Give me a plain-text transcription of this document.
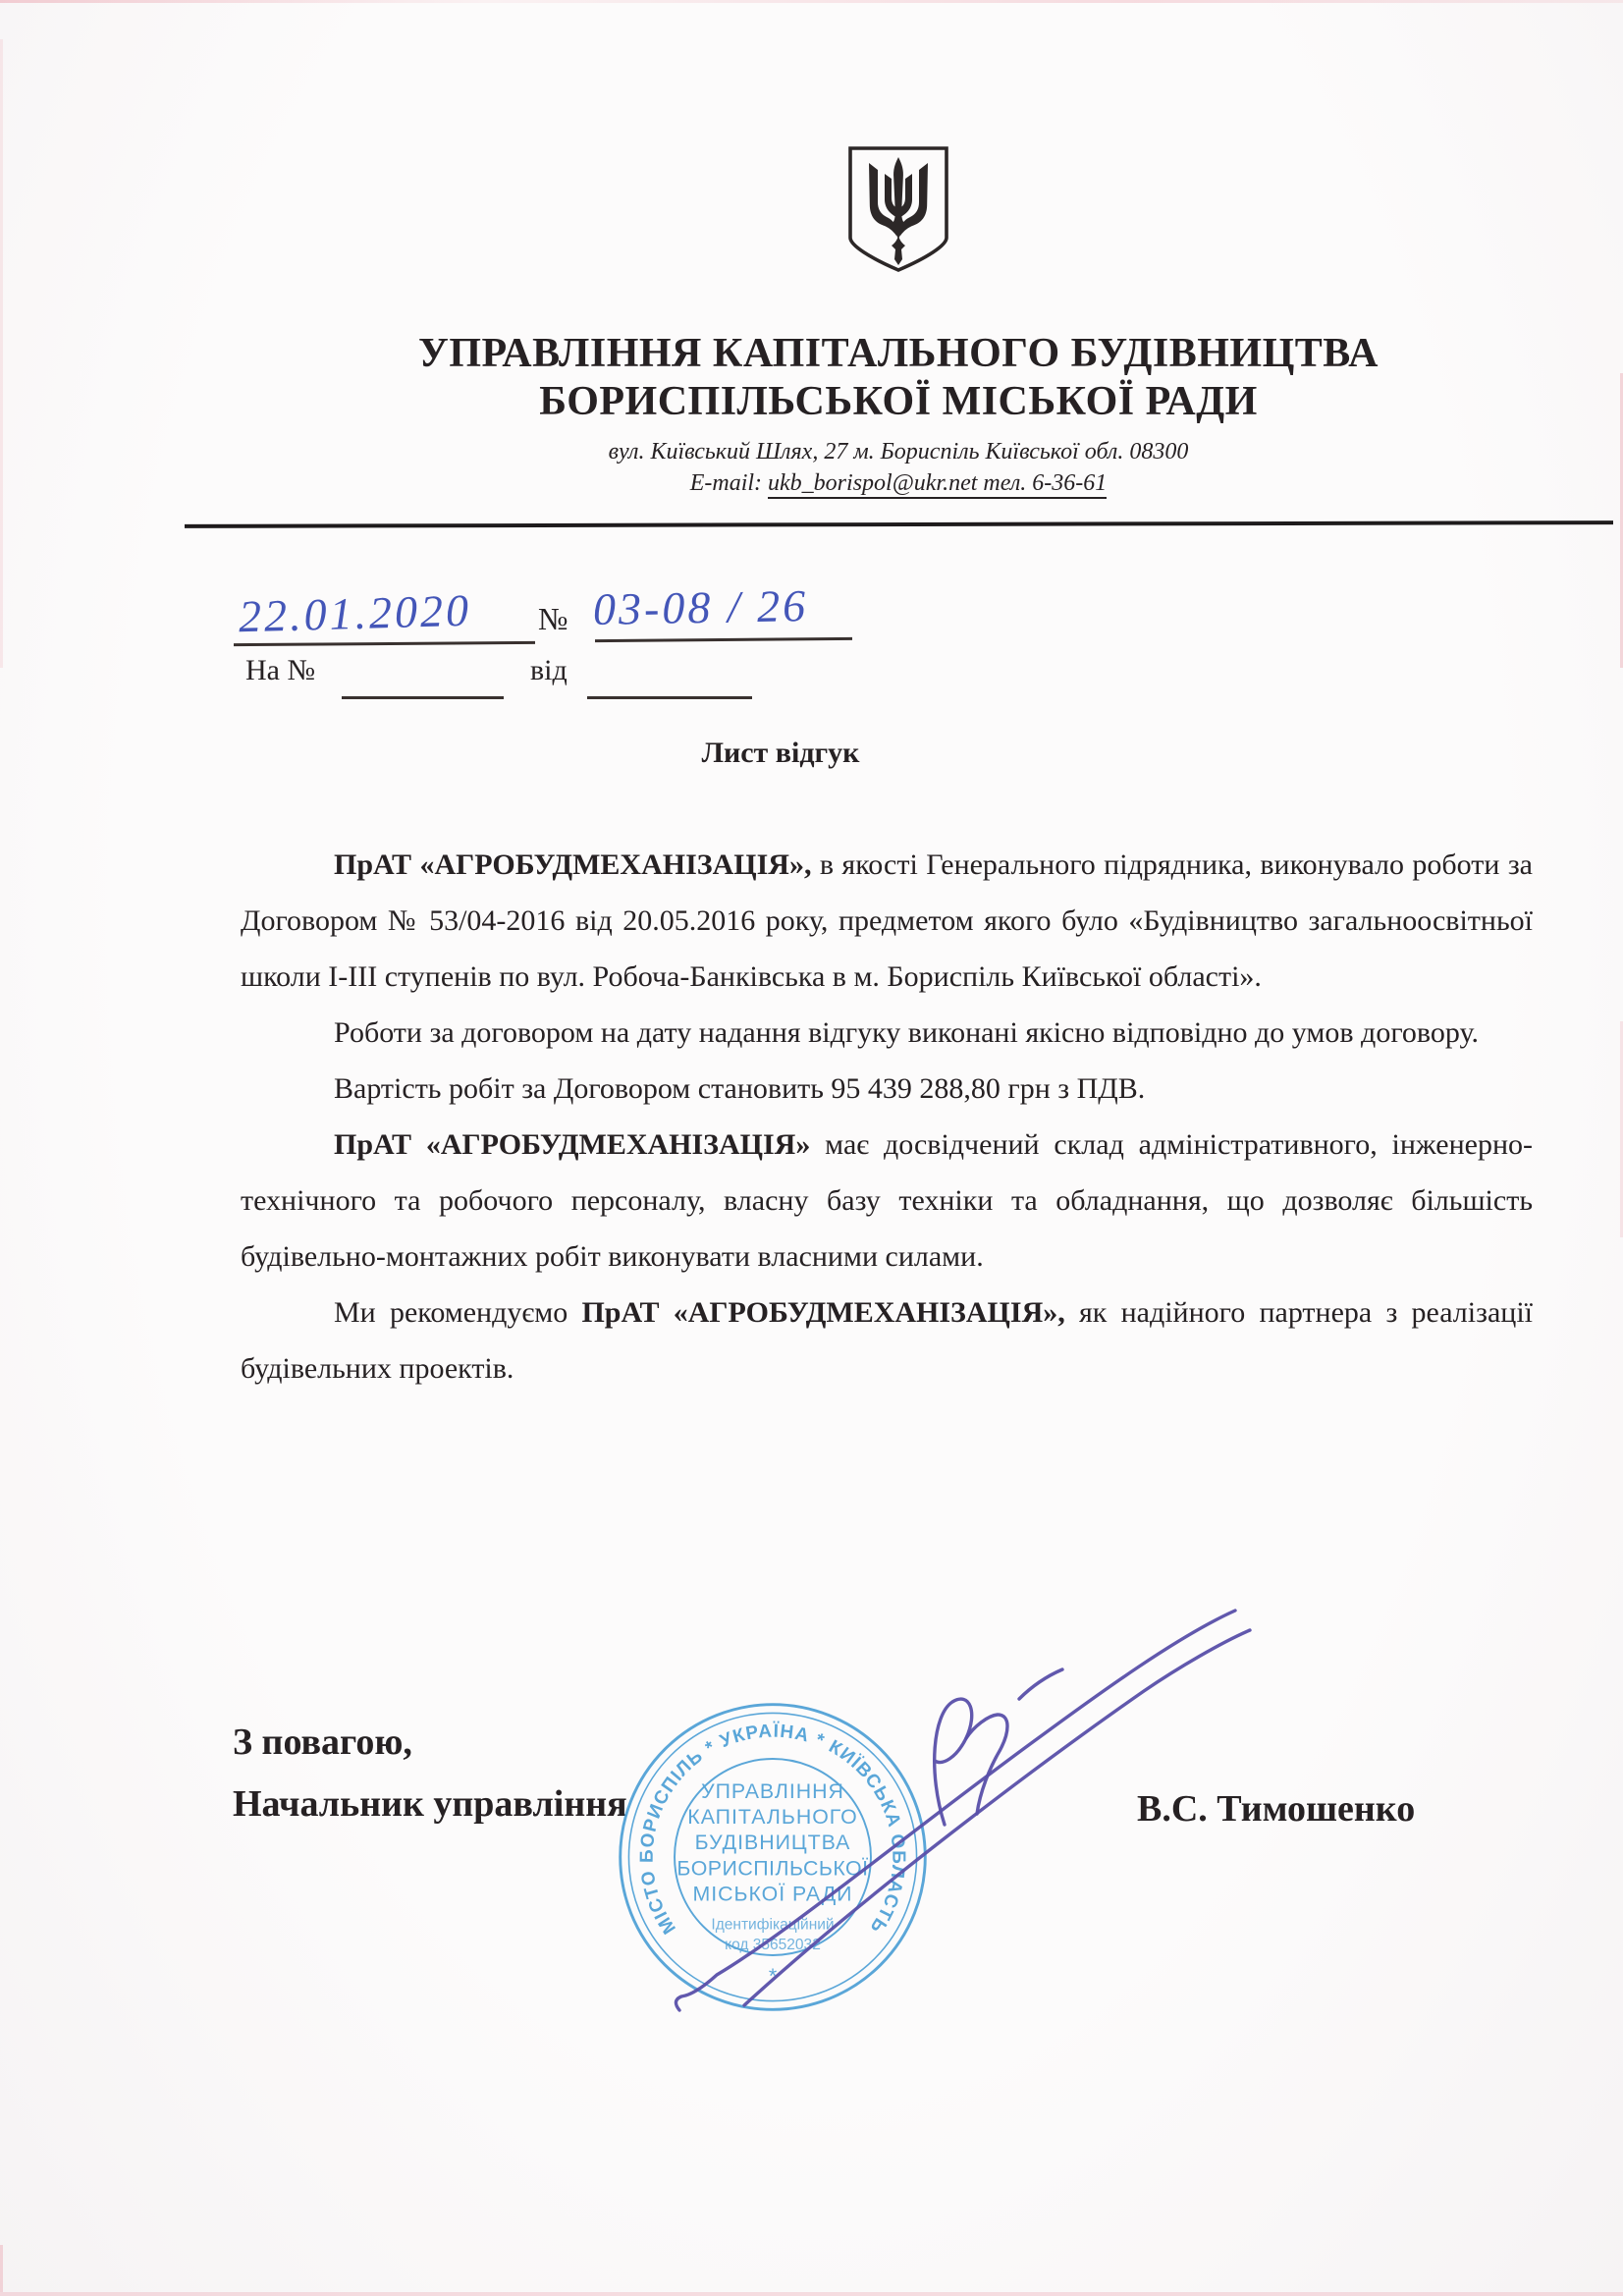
УПРАВЛІННЯ КАПІТАЛЬНОГО БУДІВНИЦТВА
БОРИСПІЛЬСЬКОЇ МІСЬКОЇ РАДИ
вул. Київський Шлях, 27 м. Бориспіль Київської обл. 08300
E-mail: ukb_borispol@ukr.net тел. 6-36-61
22.01.2020 № 03-08 / 26
На №	від
Лист відгук

ПрАТ «АГРОБУДМЕХАНІЗАЦІЯ», в якості Генерального підрядника, виконувало роботи за Договором № 53/04-2016 від 20.05.2016 року, предметом якого було «Будівництво загальноосвітньої школи І-ІІІ ступенів по вул. Робоча-Банківська в м. Бориспіль Київської області».

Роботи за договором на дату надання відгуку виконані якісно відповідно до умов договору.

Вартість робіт за Договором становить 95 439 288,80 грн з ПДВ.

ПрАТ «АГРОБУДМЕХАНІЗАЦІЯ» має досвідчений склад адміністративного, інженерно-технічного та робочого персоналу, власну базу техніки та обладнання, що дозволяє більшість будівельно-монтажних робіт виконувати власними силами.

Ми рекомендуємо ПрАТ «АГРОБУДМЕХАНІЗАЦІЯ», як надійного партнера з реалізації будівельних проектів.

З повагою,
Начальник управління	В.С. Тимошенко
МІСТО БОРИСПІЛЬ * УКРАЇНА * КИЇВСЬКА ОБЛАСТЬ
*
УПРАВЛІННЯ
КАПІТАЛЬНОГО
БУДІВНИЦТВА
БОРИСПІЛЬСЬКОЇ
МІСЬКОЇ РАДИ
Ідентифікаційний
код 35652032
